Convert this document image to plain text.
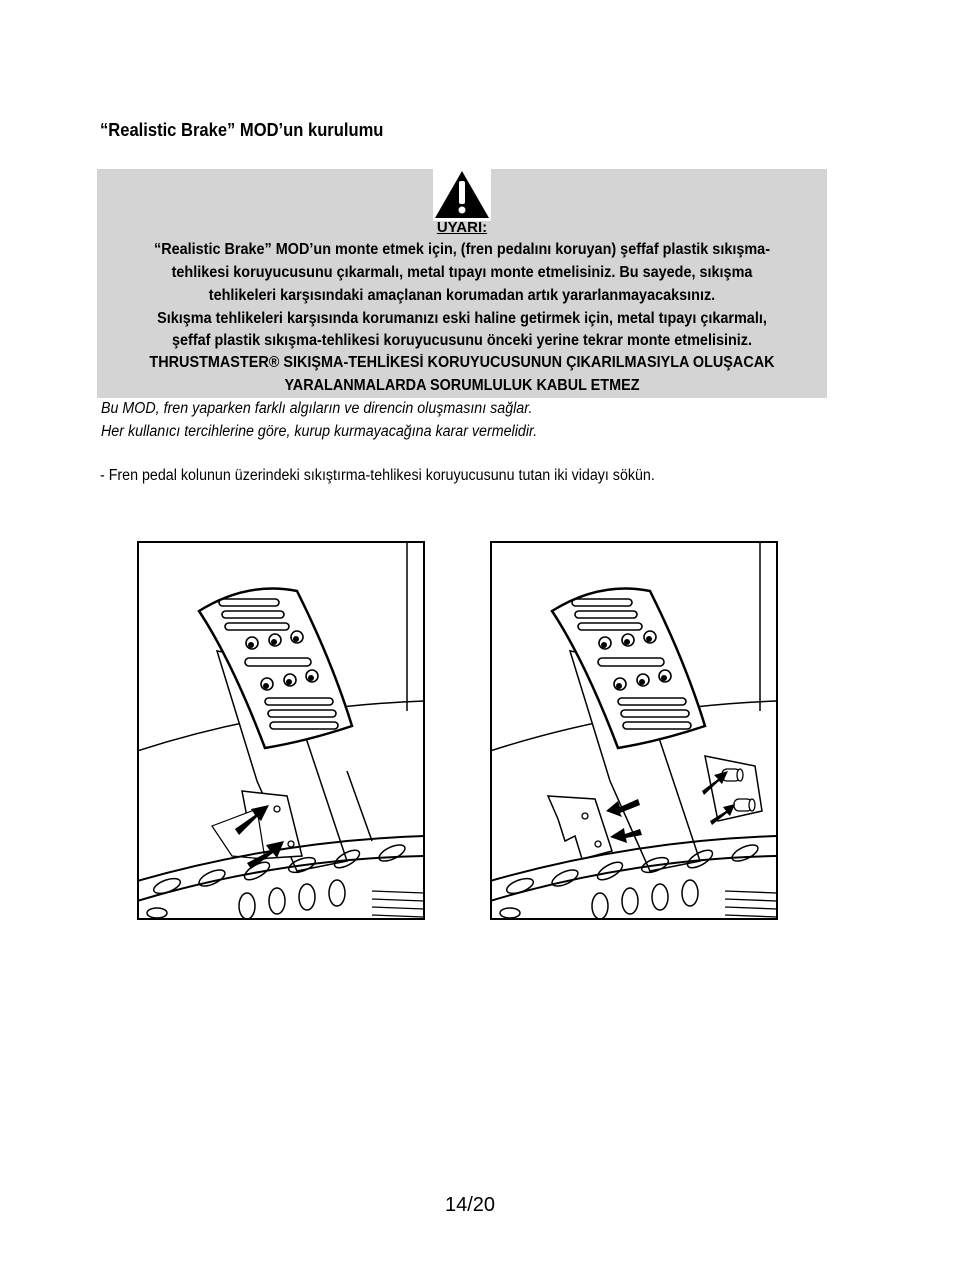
“Realistic Brake” MOD’un kurulumu
UYARI:
“Realistic Brake” MOD’un monte etmek için, (fren pedalını koruyan) şeffaf plastik sıkışma-
tehlikesi koruyucusunu çıkarmalı, metal tıpayı monte etmelisiniz. Bu sayede, sıkışma
tehlikeleri karşısındaki amaçlanan korumadan artık yararlanmayacaksınız.
Sıkışma tehlikeleri karşısında korumanızı eski haline getirmek için, metal tıpayı çıkarmalı,
şeffaf plastik sıkışma-tehlikesi koruyucusunu önceki yerine tekrar monte etmelisiniz.
THRUSTMASTER® SIKIŞMA-TEHLİKESİ KORUYUCUSUNUN ÇIKARILMASIYLA OLUŞACAK
YARALANMALARDA SORUMLULUK KABUL ETMEZ
Bu MOD, fren yaparken farklı algıların ve direncin oluşmasını sağlar.
Her kullanıcı tercihlerine göre, kurup kurmayacağına karar vermelidir.
- Fren pedal kolunun üzerindeki sıkıştırma-tehlikesi koruyucusunu tutan iki vidayı sökün.
14/20
